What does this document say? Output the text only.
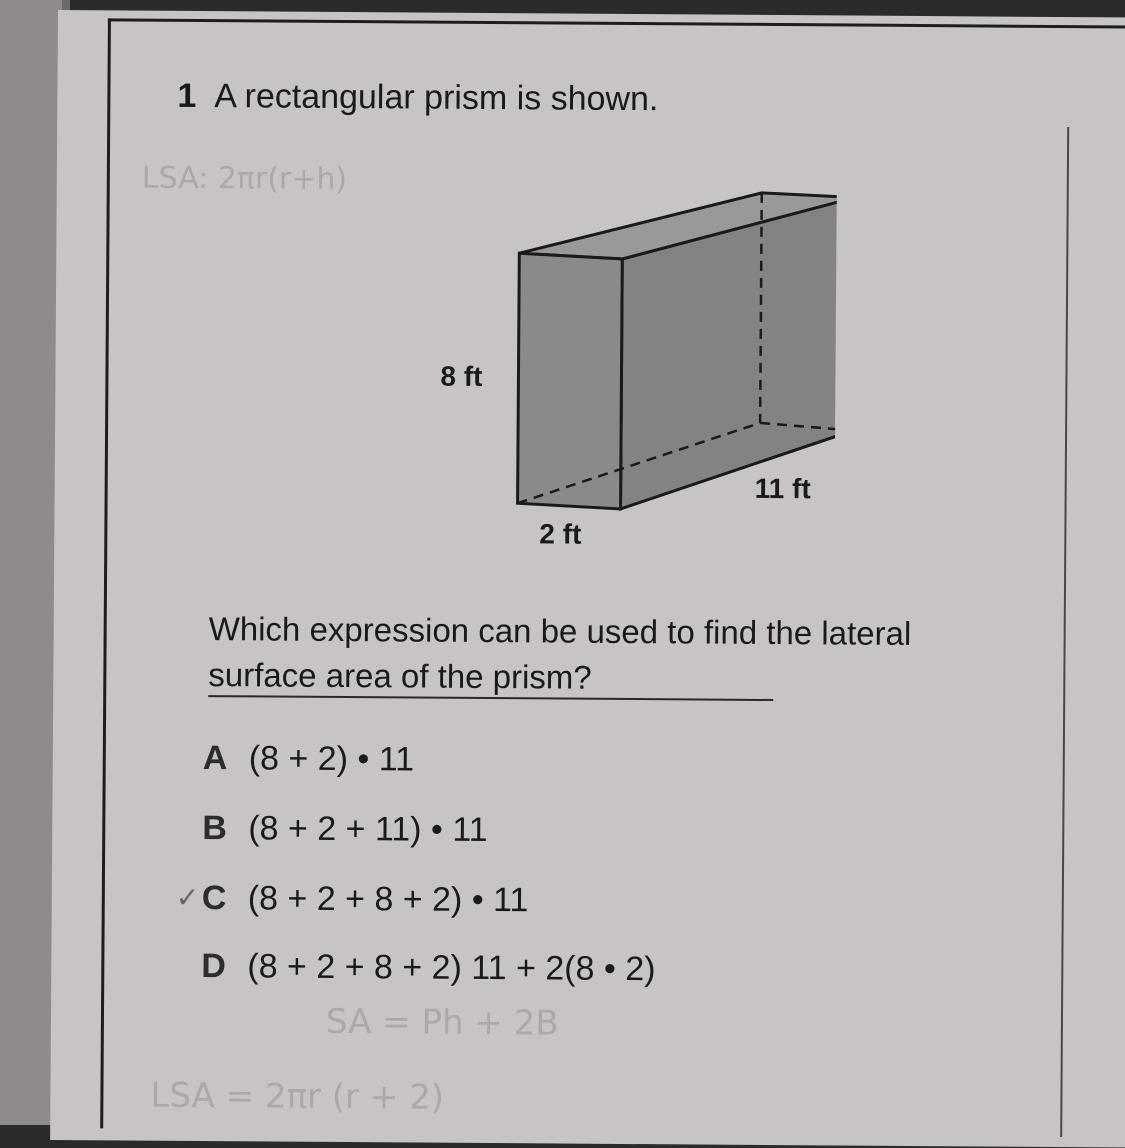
1 A rectangular prism is shown.
LSA: 2πr(r+h)
8 ft
2 ft
11 ft
Which expression can be used to find the lateral surface area of the prism?
A (8 + 2) • 11
B (8 + 2 + 11) • 11
✓ C (8 + 2 + 8 + 2) • 11
D (8 + 2 + 8 + 2) 11 + 2(8 • 2)
SA = Ph + 2B
LSA = 2πr (r + 2)
